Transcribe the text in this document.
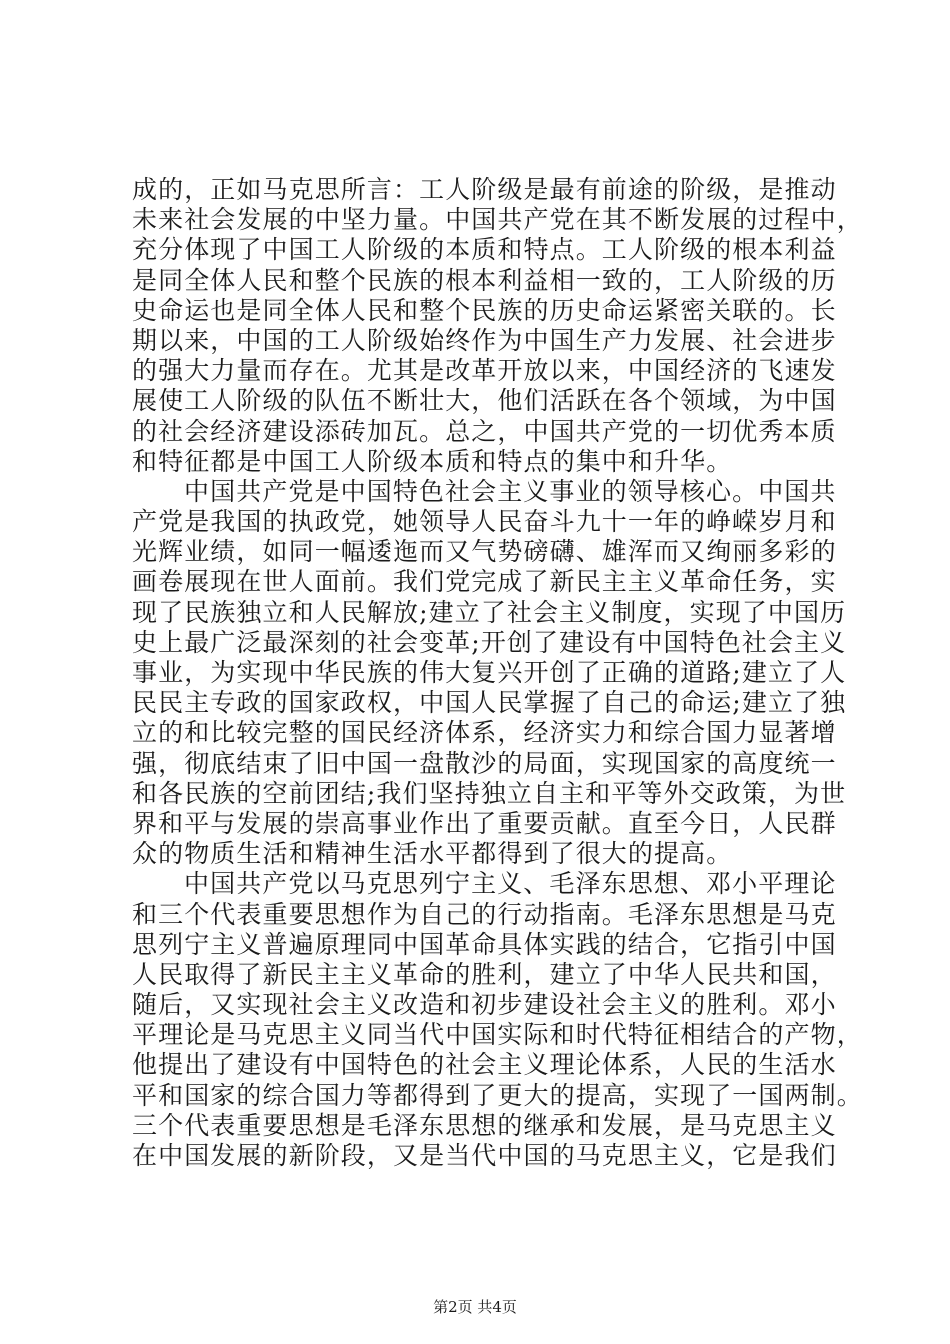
成的，正如马克思所言：工人阶级是最有前途的阶级，是推动
未来社会发展的中坚力量。中国共产党在其不断发展的过程中，
充分体现了中国工人阶级的本质和特点。工人阶级的根本利益
是同全体人民和整个民族的根本利益相一致的，工人阶级的历
史命运也是同全体人民和整个民族的历史命运紧密关联的。长
期以来，中国的工人阶级始终作为中国生产力发展、社会进步
的强大力量而存在。尤其是改革开放以来，中国经济的飞速发
展使工人阶级的队伍不断壮大，他们活跃在各个领域，为中国
的社会经济建设添砖加瓦。总之，中国共产党的一切优秀本质
和特征都是中国工人阶级本质和特点的集中和升华。
中国共产党是中国特色社会主义事业的领导核心。中国共
产党是我国的执政党，她领导人民奋斗九十一年的峥嵘岁月和
光辉业绩，如同一幅逶迤而又气势磅礴、雄浑而又绚丽多彩的
画卷展现在世人面前。我们党完成了新民主主义革命任务，实
现了民族独立和人民解放;建立了社会主义制度，实现了中国历
史上最广泛最深刻的社会变革;开创了建设有中国特色社会主义
事业，为实现中华民族的伟大复兴开创了正确的道路;建立了人
民民主专政的国家政权，中国人民掌握了自己的命运;建立了独
立的和比较完整的国民经济体系，经济实力和综合国力显著增
强，彻底结束了旧中国一盘散沙的局面，实现国家的高度统一
和各民族的空前团结;我们坚持独立自主和平等外交政策，为世
界和平与发展的崇高事业作出了重要贡献。直至今日，人民群
众的物质生活和精神生活水平都得到了很大的提高。
中国共产党以马克思列宁主义、毛泽东思想、邓小平理论
和三个代表重要思想作为自己的行动指南。毛泽东思想是马克
思列宁主义普遍原理同中国革命具体实践的结合，它指引中国
人民取得了新民主主义革命的胜利，建立了中华人民共和国，
随后，又实现社会主义改造和初步建设社会主义的胜利。邓小
平理论是马克思主义同当代中国实际和时代特征相结合的产物，
他提出了建设有中国特色的社会主义理论体系，人民的生活水
平和国家的综合国力等都得到了更大的提高，实现了一国两制。
三个代表重要思想是毛泽东思想的继承和发展，是马克思主义
在中国发展的新阶段，又是当代中国的马克思主义，它是我们
第2页 共4页
